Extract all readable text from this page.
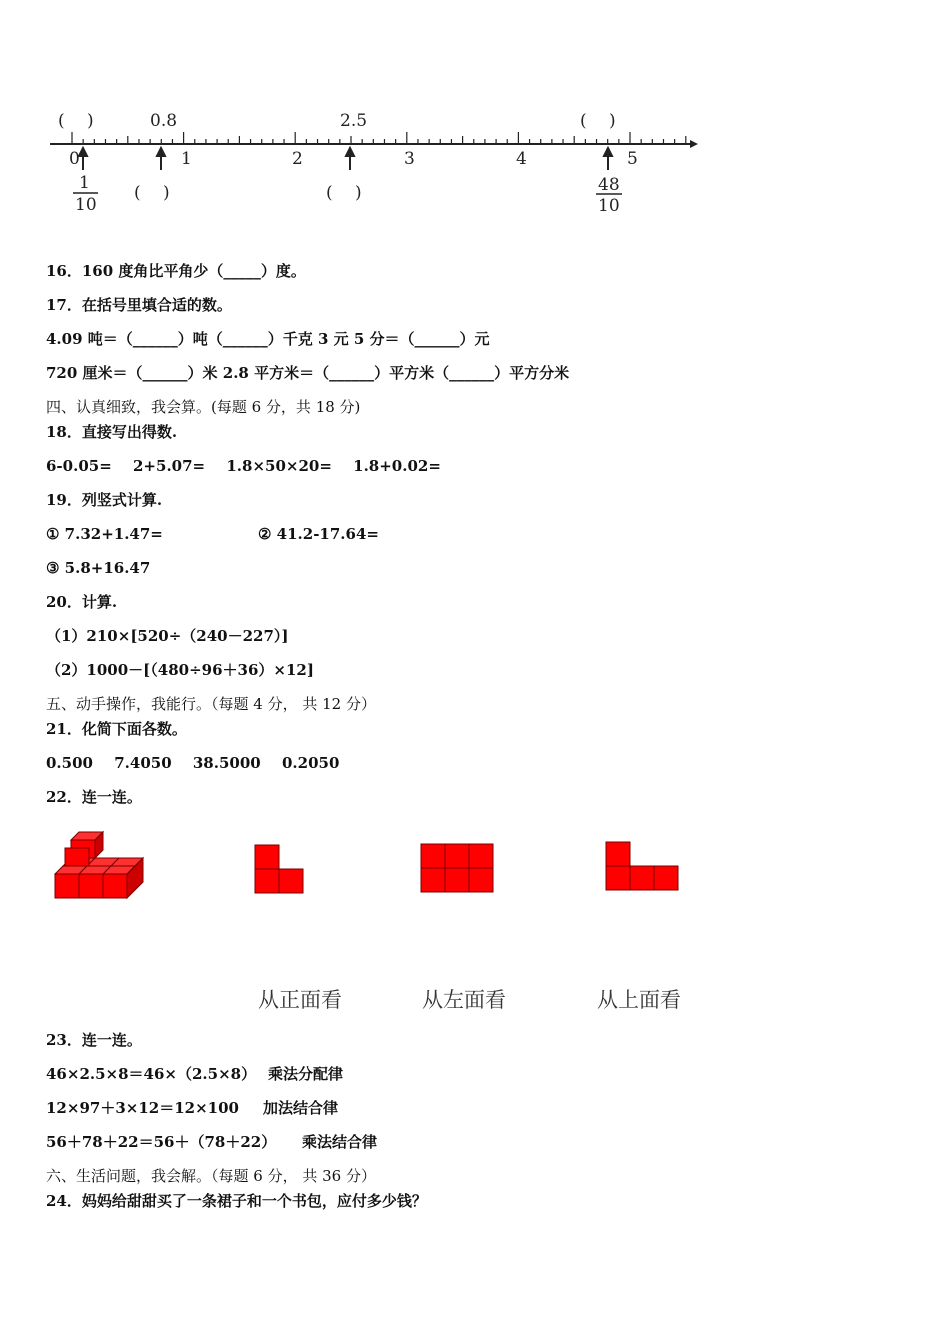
(　 )	0.8	2.5	(　 )
0	1	2	3	4	5
1
10
(　 )	(　 )	48
10
16．160 度角比平角少（_____）度。
17．在括号里填合适的数。
4.09 吨＝（______）吨（______）千克 3 元 5 分＝（______）元
720 厘米＝（______）米 2.8 平方米＝（______）平方米（______）平方分米
四、认真细致，我会算。(每题 6 分，共 18 分)
18．直接写出得数.
6-0.05= 2+5.07= 1.8×50×20= 1.8+0.02=
19．列竖式计算.
① 7.32+1.47=	② 41.2-17.64=
③ 5.8+16.47
20．计算.
（1）210×[520÷（240－227）]
（2）1000－[（480÷96＋36）×12]
五、动手操作，我能行。（每题 4 分， 共 12 分）
21．化简下面各数。
0.500 7.4050 38.5000 0.2050
22．连一连。
从正面看	从左面看	从上面看
23．连一连。
46×2.5×8＝46×（2.5×8） 乘法分配律
12×97＋3×12＝12×100 加法结合律
56＋78＋22＝56＋（78＋22） 乘法结合律
六、生活问题，我会解。（每题 6 分， 共 36 分）
24．妈妈给甜甜买了一条裙子和一个书包，应付多少钱？
